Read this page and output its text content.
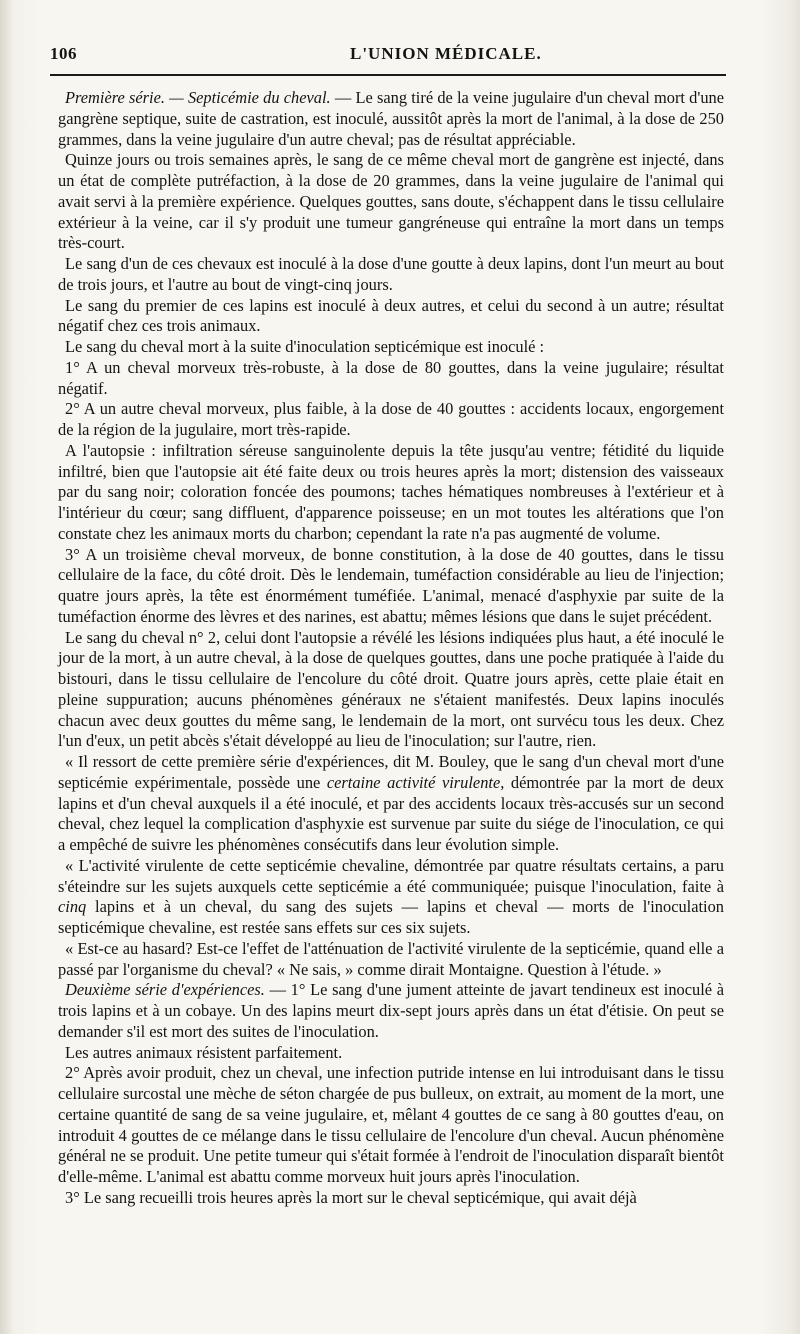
106	L'UNION MÉDICALE.

Première série. — Septicémie du cheval. — Le sang tiré de la veine jugulaire d'un cheval mort d'une gangrène septique, suite de castration, est inoculé, aussitôt après la mort de l'animal, à la dose de 250 grammes, dans la veine jugulaire d'un autre cheval; pas de résultat appréciable.

Quinze jours ou trois semaines après, le sang de ce même cheval mort de gangrène est injecté, dans un état de complète putréfaction, à la dose de 20 grammes, dans la veine jugulaire de l'animal qui avait servi à la première expérience. Quelques gouttes, sans doute, s'échappent dans le tissu cellulaire extérieur à la veine, car il s'y produit une tumeur gangréneuse qui entraîne la mort dans un temps très-court.

Le sang d'un de ces chevaux est inoculé à la dose d'une goutte à deux lapins, dont l'un meurt au bout de trois jours, et l'autre au bout de vingt-cinq jours.

Le sang du premier de ces lapins est inoculé à deux autres, et celui du second à un autre; résultat négatif chez ces trois animaux.

Le sang du cheval mort à la suite d'inoculation septicémique est inoculé :

1° A un cheval morveux très-robuste, à la dose de 80 gouttes, dans la veine jugulaire; résultat négatif.

2° A un autre cheval morveux, plus faible, à la dose de 40 gouttes : accidents locaux, engorgement de la région de la jugulaire, mort très-rapide.

A l'autopsie : infiltration séreuse sanguinolente depuis la tête jusqu'au ventre; fétidité du liquide infiltré, bien que l'autopsie ait été faite deux ou trois heures après la mort; distension des vaisseaux par du sang noir; coloration foncée des poumons; taches hématiques nombreuses à l'extérieur et à l'intérieur du cœur; sang diffluent, d'apparence poisseuse; en un mot toutes les altérations que l'on constate chez les animaux morts du charbon; cependant la rate n'a pas augmenté de volume.

3° A un troisième cheval morveux, de bonne constitution, à la dose de 40 gouttes, dans le tissu cellulaire de la face, du côté droit. Dès le lendemain, tuméfaction considérable au lieu de l'injection; quatre jours après, la tête est énormément tuméfiée. L'animal, menacé d'asphyxie par suite de la tuméfaction énorme des lèvres et des narines, est abattu; mêmes lésions que dans le sujet précédent.

Le sang du cheval n° 2, celui dont l'autopsie a révélé les lésions indiquées plus haut, a été inoculé le jour de la mort, à un autre cheval, à la dose de quelques gouttes, dans une poche pratiquée à l'aide du bistouri, dans le tissu cellulaire de l'encolure du côté droit. Quatre jours après, cette plaie était en pleine suppuration; aucuns phénomènes généraux ne s'étaient manifestés. Deux lapins inoculés chacun avec deux gouttes du même sang, le lendemain de la mort, ont survécu tous les deux. Chez l'un d'eux, un petit abcès s'était développé au lieu de l'inoculation; sur l'autre, rien.

« Il ressort de cette première série d'expériences, dit M. Bouley, que le sang d'un cheval mort d'une septicémie expérimentale, possède une certaine activité virulente, démontrée par la mort de deux lapins et d'un cheval auxquels il a été inoculé, et par des accidents locaux très-accusés sur un second cheval, chez lequel la complication d'asphyxie est survenue par suite du siége de l'inoculation, ce qui a empêché de suivre les phénomènes consécutifs dans leur évolution simple.

« L'activité virulente de cette septicémie chevaline, démontrée par quatre résultats certains, a paru s'éteindre sur les sujets auxquels cette septicémie a été communiquée; puisque l'inoculation, faite à cinq lapins et à un cheval, du sang des sujets — lapins et cheval — morts de l'inoculation septicémique chevaline, est restée sans effets sur ces six sujets.

« Est-ce au hasard? Est-ce l'effet de l'atténuation de l'activité virulente de la septicémie, quand elle a passé par l'organisme du cheval? « Ne sais, » comme dirait Montaigne. Question à l'étude. »

Deuxième série d'expériences. — 1° Le sang d'une jument atteinte de javart tendineux est inoculé à trois lapins et à un cobaye. Un des lapins meurt dix-sept jours après dans un état d'étisie. On peut se demander s'il est mort des suites de l'inoculation.

Les autres animaux résistent parfaitement.

2° Après avoir produit, chez un cheval, une infection putride intense en lui introduisant dans le tissu cellulaire surcostal une mèche de séton chargée de pus bulleux, on extrait, au moment de la mort, une certaine quantité de sang de sa veine jugulaire, et, mêlant 4 gouttes de ce sang à 80 gouttes d'eau, on introduit 4 gouttes de ce mélange dans le tissu cellulaire de l'encolure d'un cheval. Aucun phénomène général ne se produit. Une petite tumeur qui s'était formée à l'endroit de l'inoculation disparaît bientôt d'elle-même. L'animal est abattu comme morveux huit jours après l'inoculation.

3° Le sang recueilli trois heures après la mort sur le cheval septicémique, qui avait déjà
